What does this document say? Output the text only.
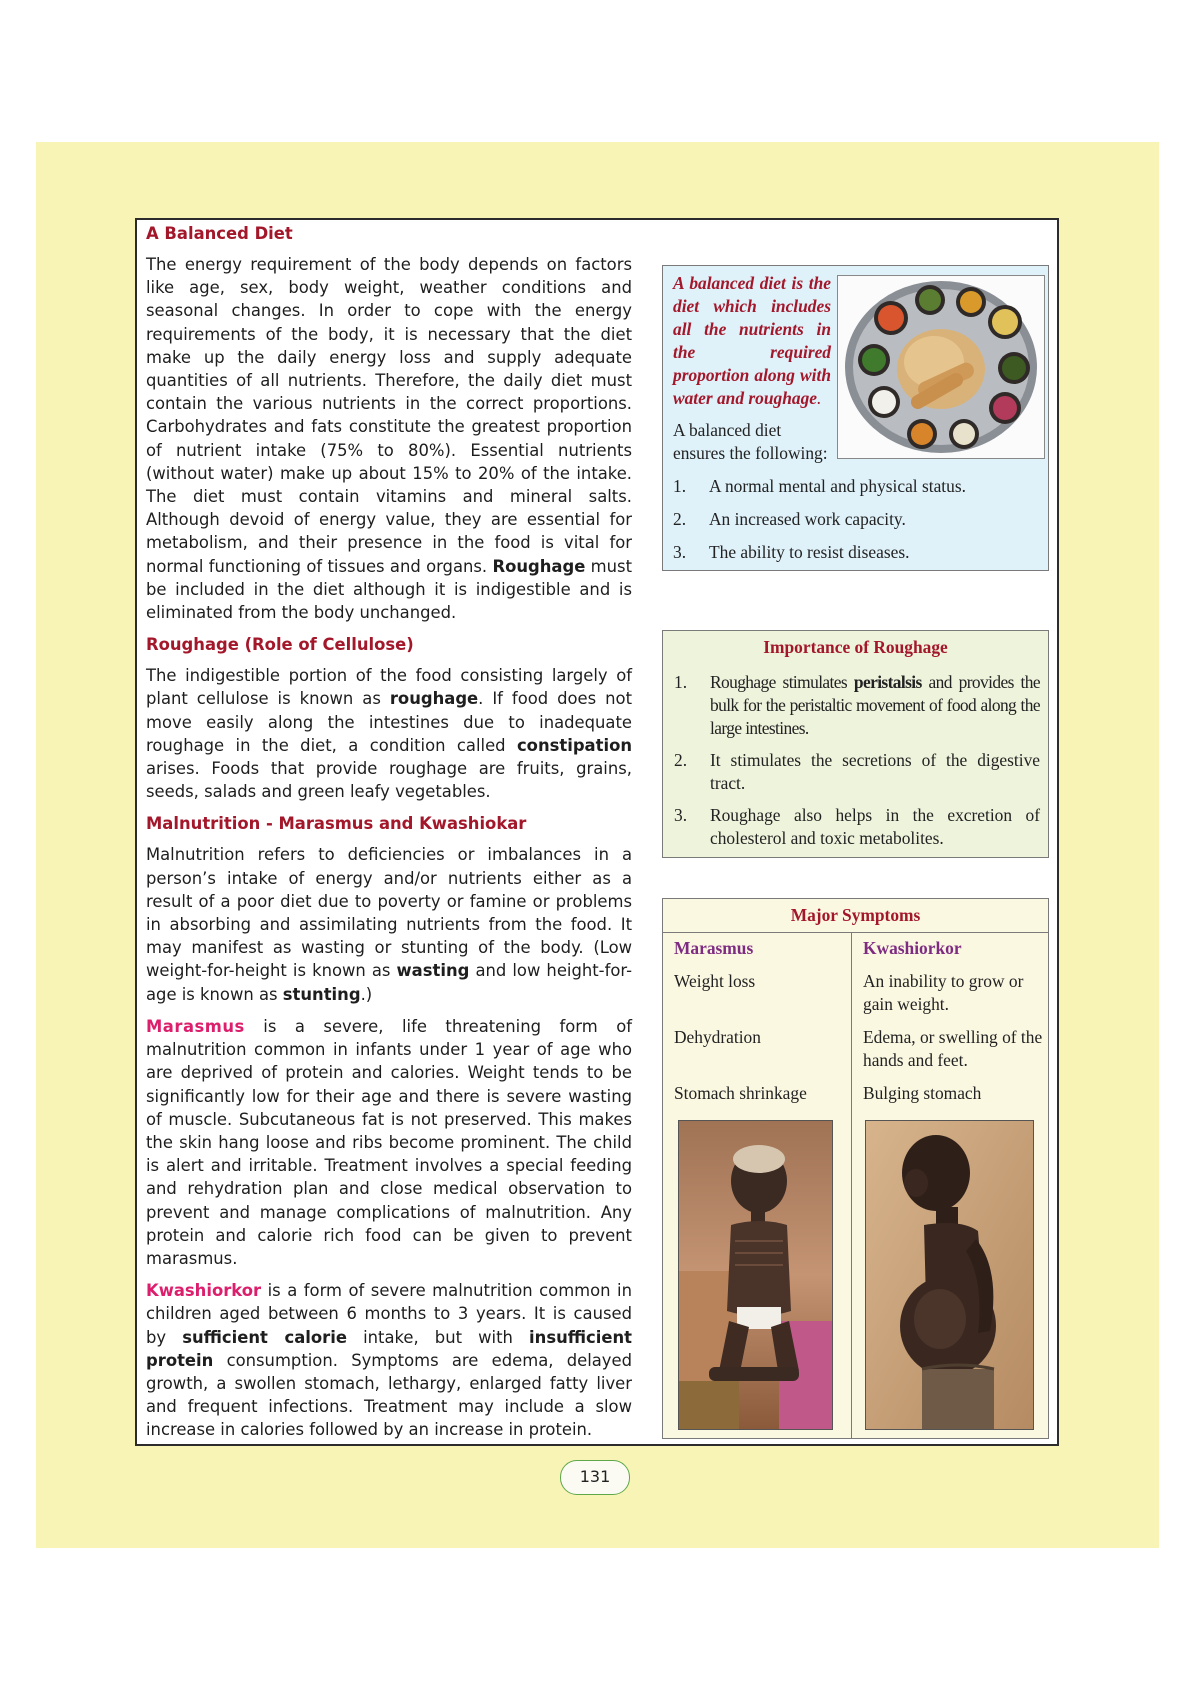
A Balanced Diet

The energy requirement of the body depends on factors like age, sex, body weight, weather conditions and seasonal changes. In order to cope with the energy requirements of the body, it is necessary that the diet make up the daily energy loss and supply adequate quantities of all nutrients. Therefore, the daily diet must contain the various nutrients in the correct proportions. Carbohydrates and fats constitute the greatest proportion of nutrient intake (75% to 80%). Essential nutrients (without water) make up about 15% to 20% of the intake. The diet must contain vitamins and mineral salts. Although devoid of energy value, they are essential for metabolism, and their presence in the food is vital for normal functioning of tissues and organs. Roughage must be included in the diet although it is indigestible and is eliminated from the body unchanged.

Roughage (Role of Cellulose)

The indigestible portion of the food consisting largely of plant cellulose is known as roughage. If food does not move easily along the intestines due to inadequate roughage in the diet, a condition called constipation arises. Foods that provide roughage are fruits, grains, seeds, salads and green leafy vegetables.

Malnutrition - Marasmus and Kwashiokar

Malnutrition refers to deficiencies or imbalances in a person’s intake of energy and/or nutrients either as a result of a poor diet due to poverty or famine or problems in absorbing and assimilating nutrients from the food. It may manifest as wasting or stunting of the body. (Low weight-for-height is known as wasting and low height-for-age is known as stunting.)

Marasmus is a severe, life threatening form of malnutrition common in infants under 1 year of age who are deprived of protein and calories. Weight tends to be significantly low for their age and there is severe wasting of muscle. Subcutaneous fat is not preserved. This makes the skin hang loose and ribs become prominent. The child is alert and irritable. Treatment involves a special feeding and rehydration plan and close medical observation to prevent and manage complications of malnutrition. Any protein and calorie rich food can be given to prevent marasmus.

Kwashiorkor is a form of severe malnutrition common in children aged between 6 months to 3 years. It is caused by sufficient calorie intake, but with insufficient protein consumption. Symptoms are edema, delayed growth, a swollen stomach, lethargy, enlarged fatty liver and frequent infections. Treatment may include a slow increase in calories followed by an increase in protein.

A balanced diet is the diet which includes all the nutrients in the required proportion along with water and roughage.
A balanced diet ensures the following:
1. A normal mental and physical status.
2. An increased work capacity.
3. The ability to resist diseases.
Importance of Roughage
1. Roughage stimulates peristalsis and provides the bulk for the peristaltic movement of food along the large intestines.
2. It stimulates the secretions of the digestive tract.
3. Roughage also helps in the excretion of cholesterol and toxic metabolites.
Major Symptoms
Marasmus	Kwashiorkor
Weight loss	An inability to grow or gain weight.
Dehydration	Edema, or swelling of the hands and feet.
Stomach shrinkage	Bulging stomach
131
